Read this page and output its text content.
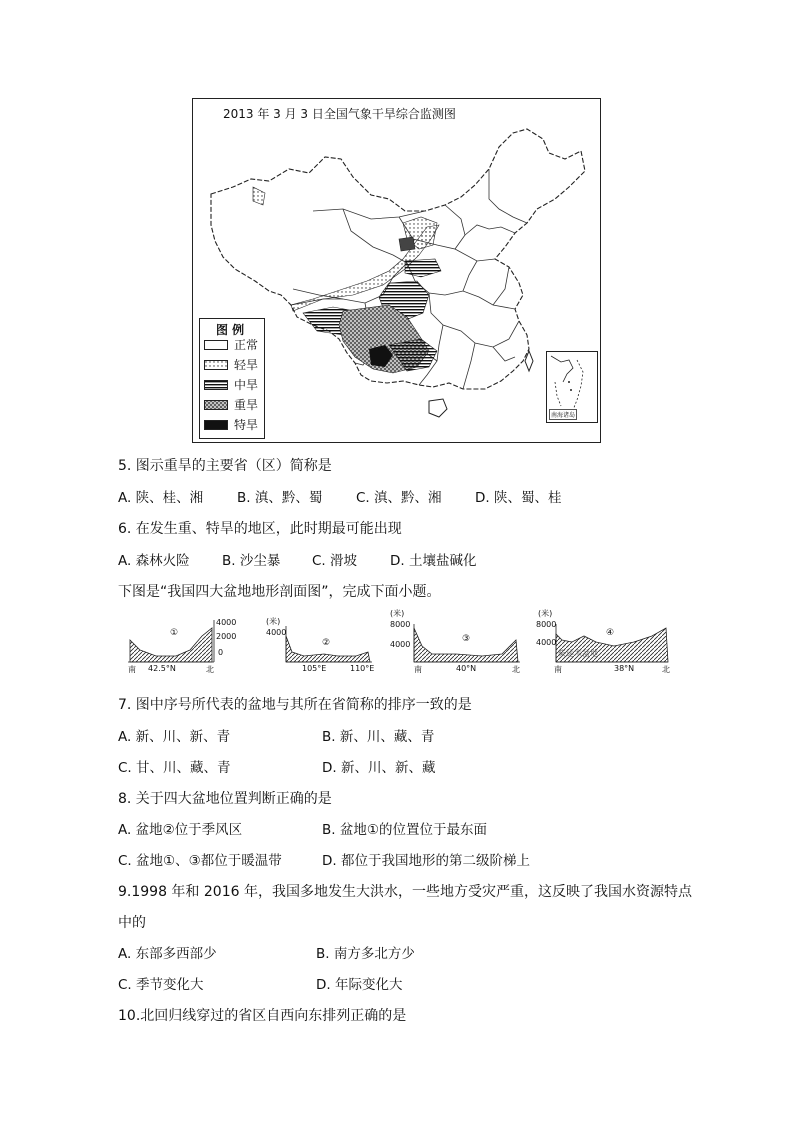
2013 年 3 月 3 日全国气象干旱综合监测图
图 例
正常
轻旱
中旱
重旱
特旱
南海诸岛
5. 图示重旱的主要省（区）简称是
A. 陕、桂、湘	B. 滇、黔、蜀 C. 滇、黔、湘 D. 陕、蜀、桂
6. 在发生重、特旱的地区，此时期最可能出现
A. 森林火险 B. 沙尘暴 C. 滑坡 D. 土壤盐碱化
下图是“我国四大盆地地形剖面图”，完成下面小题。
①
4000
2000
0
南 42.5°N	北
(米)
4000
②
105°E	110°E
(米)
8000
4000
③
南	40°N	北
(米)
8000
4000
④
柴达木盆地
南	38°N	北
7. 图中序号所代表的盆地与其所在省简称的排序一致的是
A. 新、川、新、青	B. 新、川、藏、青
C. 甘、川、藏、青	D. 新、川、新、藏
8. 关于四大盆地位置判断正确的是
A. 盆地②位于季风区	B. 盆地①的位置位于最东面
C. 盆地①、③都位于暖温带	D. 都位于我国地形的第二级阶梯上
9.1998 年和 2016 年，我国多地发生大洪水，一些地方受灾严重，这反映了我国水资源特点
中的
A. 东部多西部少	B. 南方多北方少
C. 季节变化大	D. 年际变化大
10.北回归线穿过的省区自西向东排列正确的是
